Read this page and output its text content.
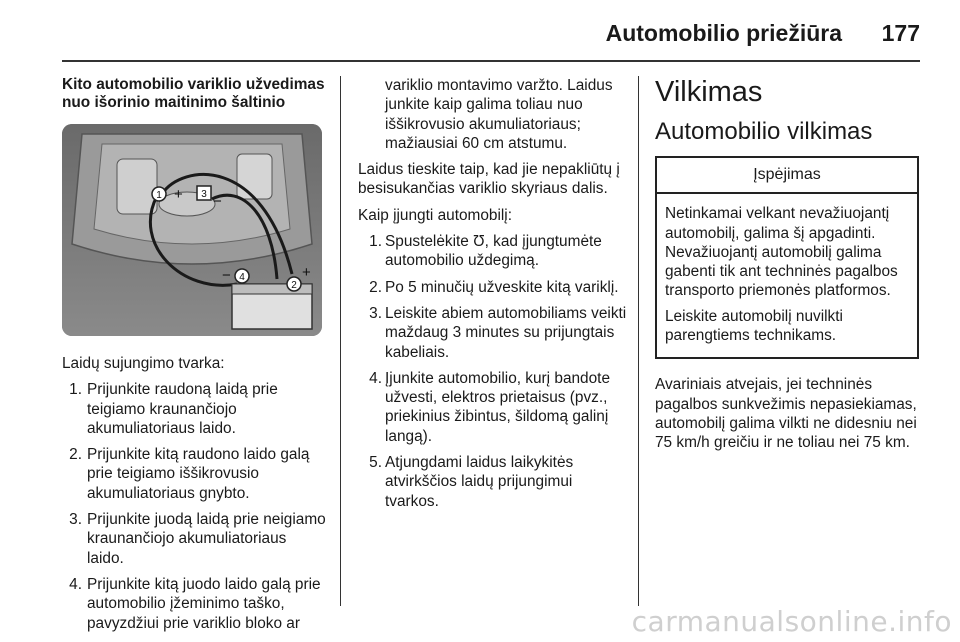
Automobilio priežiūra 177
Kito automobilio variklio užvedimas nuo išorinio maitinimo šaltinio
1 + 3 −
4
−
2
+
Laidų sujungimo tvarka:
1. Prijunkite raudoną laidą prie teigiamo kraunančiojo akumuliatoriaus laido.
2. Prijunkite kitą raudono laido galą prie teigiamo iššikrovusio akumuliatoriaus gnybto.
3. Prijunkite juodą laidą prie neigiamo kraunančiojo akumuliatoriaus laido.
4. Prijunkite kitą juodo laido galą prie automobilio įžeminimo taško, pavyzdžiui prie variklio bloko ar
variklio montavimo varžto. Laidus junkite kaip galima toliau nuo iššikrovusio akumuliatoriaus; mažiausiai 60 cm atstumu.
Laidus tieskite taip, kad jie nepakliūtų į besisukančias variklio skyriaus dalis.
Kaip įjungti automobilį:
1. Spustelėkite Ʊ, kad įjungtumėte automobilio uždegimą.
2. Po 5 minučių užveskite kitą variklį.
3. Leiskite abiem automobiliams veikti maždaug 3 minutes su prijungtais kabeliais.
4. Įjunkite automobilio, kurį bandote užvesti, elektros prietaisus (pvz., priekinius žibintus, šildomą galinį langą).
5. Atjungdami laidus laikykitės atvirkščios laidų prijungimui tvarkos.
Vilkimas
Automobilio vilkimas
Įspėjimas

Netinkamai velkant nevažiuojantį automobilį, galima šį apgadinti. Nevažiuojantį automobilį galima gabenti tik ant techninės pagalbos transporto priemonės platformos.

Leiskite automobilį nuvilkti parengtiems technikams.

Avariniais atvejais, jei techninės pagalbos sunkvežimis nepasiekiamas, automobilį galima vilkti ne didesniu nei 75 km/h greičiu ir ne toliau nei 75 km.
carmanualsonline.info
